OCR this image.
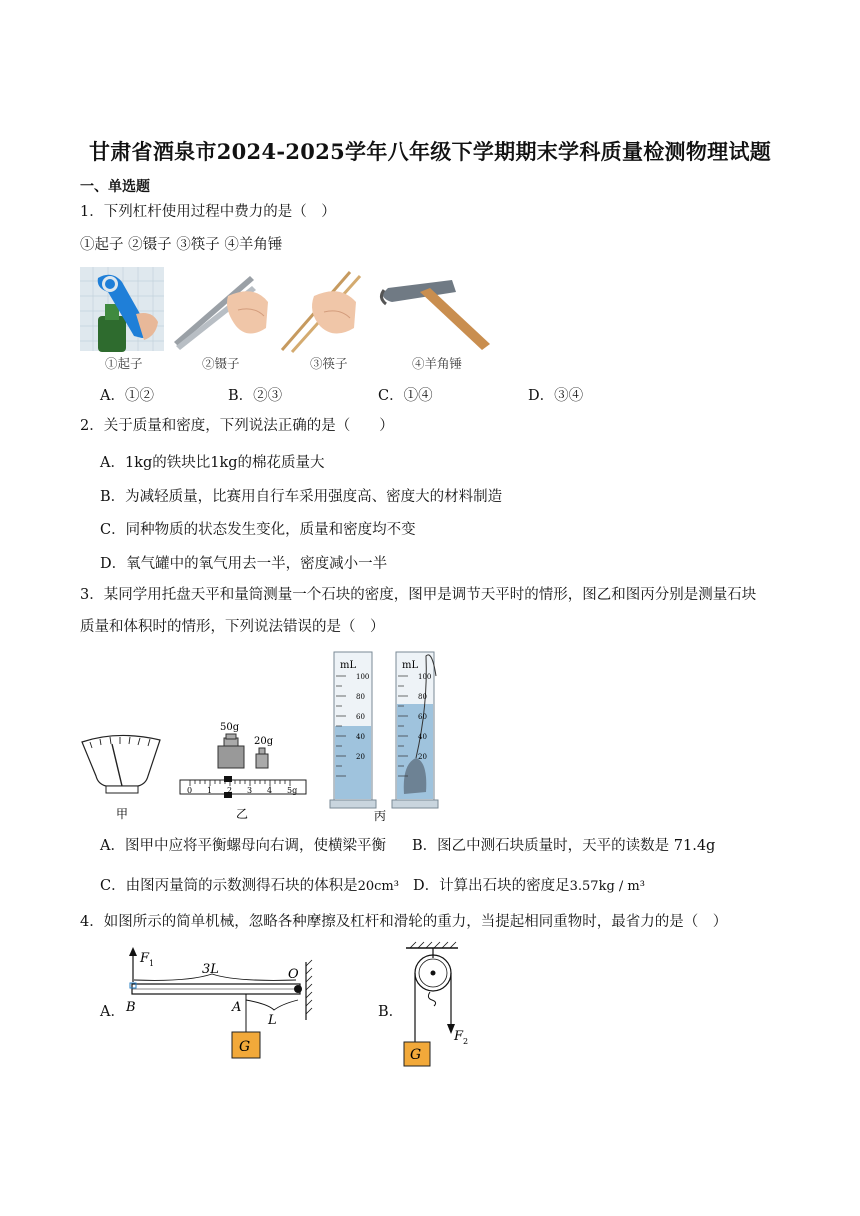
甘肃省酒泉市2024-2025学年八年级下学期期末学科质量检测物理试题
一、单选题
1．下列杠杆使用过程中费力的是（　）
①起子 ②镊子 ③筷子 ④羊角锤
①起子	②镊子	③筷子	④羊角锤
A．①②	B．②③	C．①④	D．③④
2．关于质量和密度，下列说法正确的是（　　）
A．1kg的铁块比1kg的棉花质量大
B．为减轻质量，比赛用自行车采用强度高、密度大的材料制造
C．同种物质的状态发生变化，质量和密度均不变
D．氧气罐中的氧气用去一半，密度减小一半
3．某同学用托盘天平和量筒测量一个石块的密度，图甲是调节天平时的情形，图乙和图丙分别是测量石块
质量和体积时的情形，下列说法错误的是（　）
甲
50g
20g
0 1 2 3 4 5g
乙
mL
100
80
60
40
20
mL
100
80
60
40
20
丙
A．图甲中应将平衡螺母向右调，使横梁平衡 B．图乙中测石块质量时，天平的读数是 71.4g
C．由图丙量筒的示数测得石块的体积是20cm³ D．计算出石块的密度足3.57kg / m³
4．如图所示的简单机械，忽略各种摩擦及杠杆和滑轮的重力，当提起相同重物时，最省力的是（　）
A．
F 1	3L	O
B	A
L
G
B．
F 2
G
